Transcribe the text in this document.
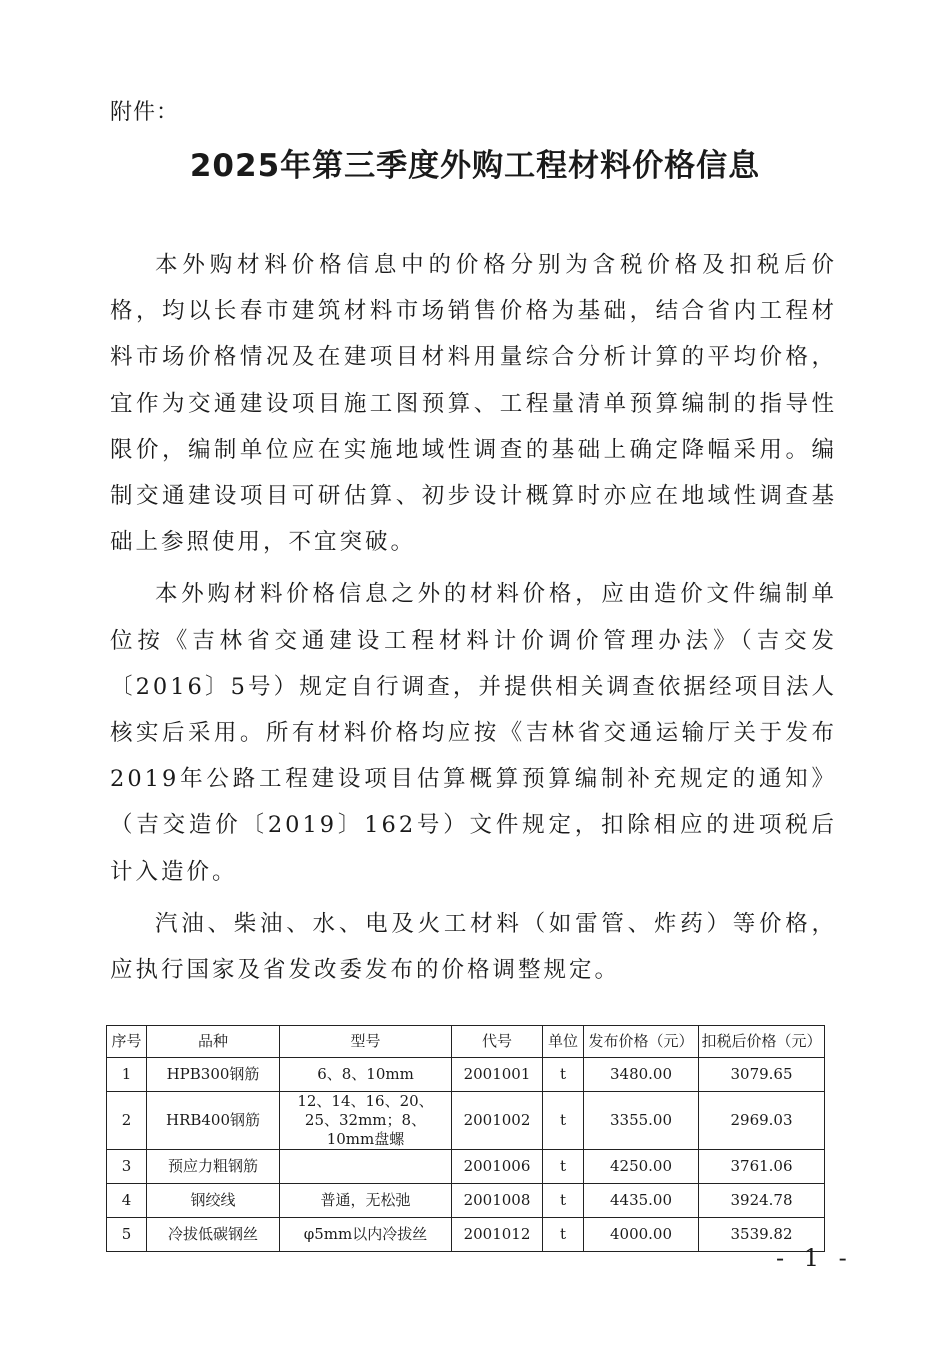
附件：
2025年第三季度外购工程材料价格信息

本外购材料价格信息中的价格分别为含税价格及扣税后价格，均以长春市建筑材料市场销售价格为基础，结合省内工程材料市场价格情况及在建项目材料用量综合分析计算的平均价格，宜作为交通建设项目施工图预算、工程量清单预算编制的指导性限价，编制单位应在实施地域性调查的基础上确定降幅采用。编制交通建设项目可研估算、初步设计概算时亦应在地域性调查基础上参照使用，不宜突破。

本外购材料价格信息之外的材料价格，应由造价文件编制单位按《吉林省交通建设工程材料计价调价管理办法》（吉交发〔2016〕5号）规定自行调查，并提供相关调查依据经项目法人核实后采用。所有材料价格均应按《吉林省交通运输厅关于发布2019年公路工程建设项目估算概算预算编制补充规定的通知》（吉交造价〔2019〕162号）文件规定，扣除相应的进项税后计入造价。

汽油、柴油、水、电及火工材料（如雷管、炸药）等价格，应执行国家及省发改委发布的价格调整规定。

序号	品种	型号	代号	单位	发布价格（元）	扣税后价格（元）
1	HPB300钢筋	6、8、10mm	2001001	t	3480.00	3079.65
2	HRB400钢筋	12、14、16、20、25、32mm；8、10mm盘螺	2001002	t	3355.00	2969.03
3	预应力粗钢筋		2001006	t	4250.00	3761.06
4	钢绞线	普通，无松弛	2001008	t	4435.00	3924.78
5	冷拔低碳钢丝	φ5mm以内冷拔丝	2001012	t	4000.00	3539.82
- 1 -
